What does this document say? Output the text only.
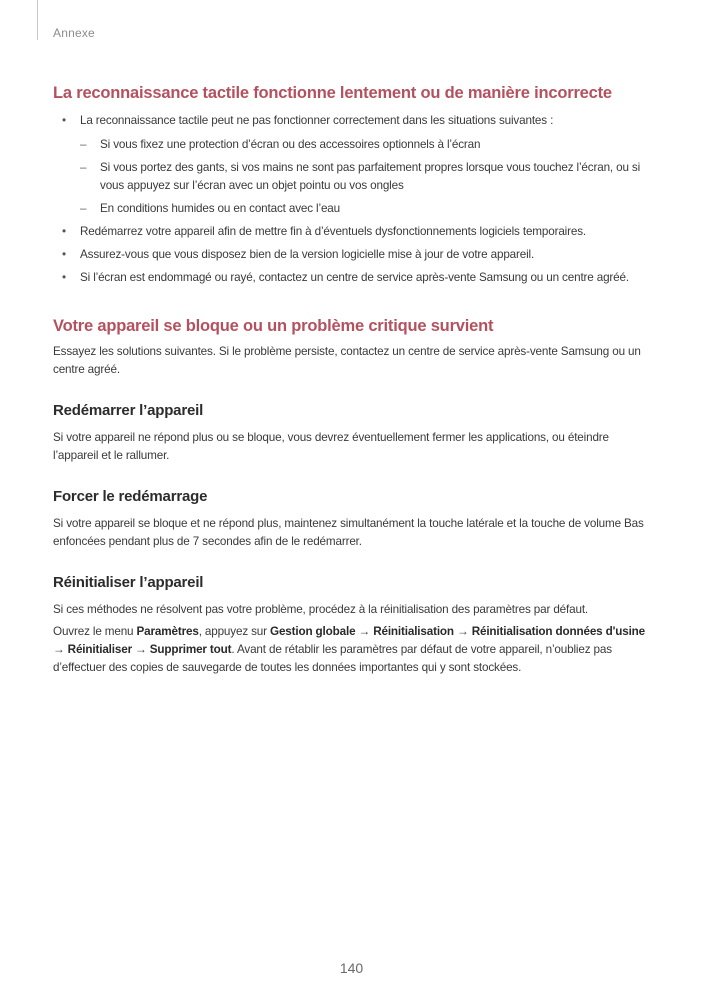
Annexe
La reconnaissance tactile fonctionne lentement ou de manière incorrecte
• La reconnaissance tactile peut ne pas fonctionner correctement dans les situations suivantes :
– Si vous fixez une protection d’écran ou des accessoires optionnels à l’écran
– Si vous portez des gants, si vos mains ne sont pas parfaitement propres lorsque vous touchez l’écran, ou si vous appuyez sur l’écran avec un objet pointu ou vos ongles
– En conditions humides ou en contact avec l’eau
• Redémarrez votre appareil afin de mettre fin à d’éventuels dysfonctionnements logiciels temporaires.
• Assurez-vous que vous disposez bien de la version logicielle mise à jour de votre appareil.
• Si l’écran est endommagé ou rayé, contactez un centre de service après-vente Samsung ou un centre agréé.
Votre appareil se bloque ou un problème critique survient

Essayez les solutions suivantes. Si le problème persiste, contactez un centre de service après-vente Samsung ou un centre agréé.

Redémarrer l’appareil

Si votre appareil ne répond plus ou se bloque, vous devrez éventuellement fermer les applications, ou éteindre l’appareil et le rallumer.

Forcer le redémarrage

Si votre appareil se bloque et ne répond plus, maintenez simultanément la touche latérale et la touche de volume Bas enfoncées pendant plus de 7 secondes afin de le redémarrer.

Réinitialiser l’appareil

Si ces méthodes ne résolvent pas votre problème, procédez à la réinitialisation des paramètres par défaut.

Ouvrez le menu Paramètres, appuyez sur Gestion globale → Réinitialisation → Réinitialisation données d'usine → Réinitialiser → Supprimer tout. Avant de rétablir les paramètres par défaut de votre appareil, n’oubliez pas d’effectuer des copies de sauvegarde de toutes les données importantes qui y sont stockées.

140
